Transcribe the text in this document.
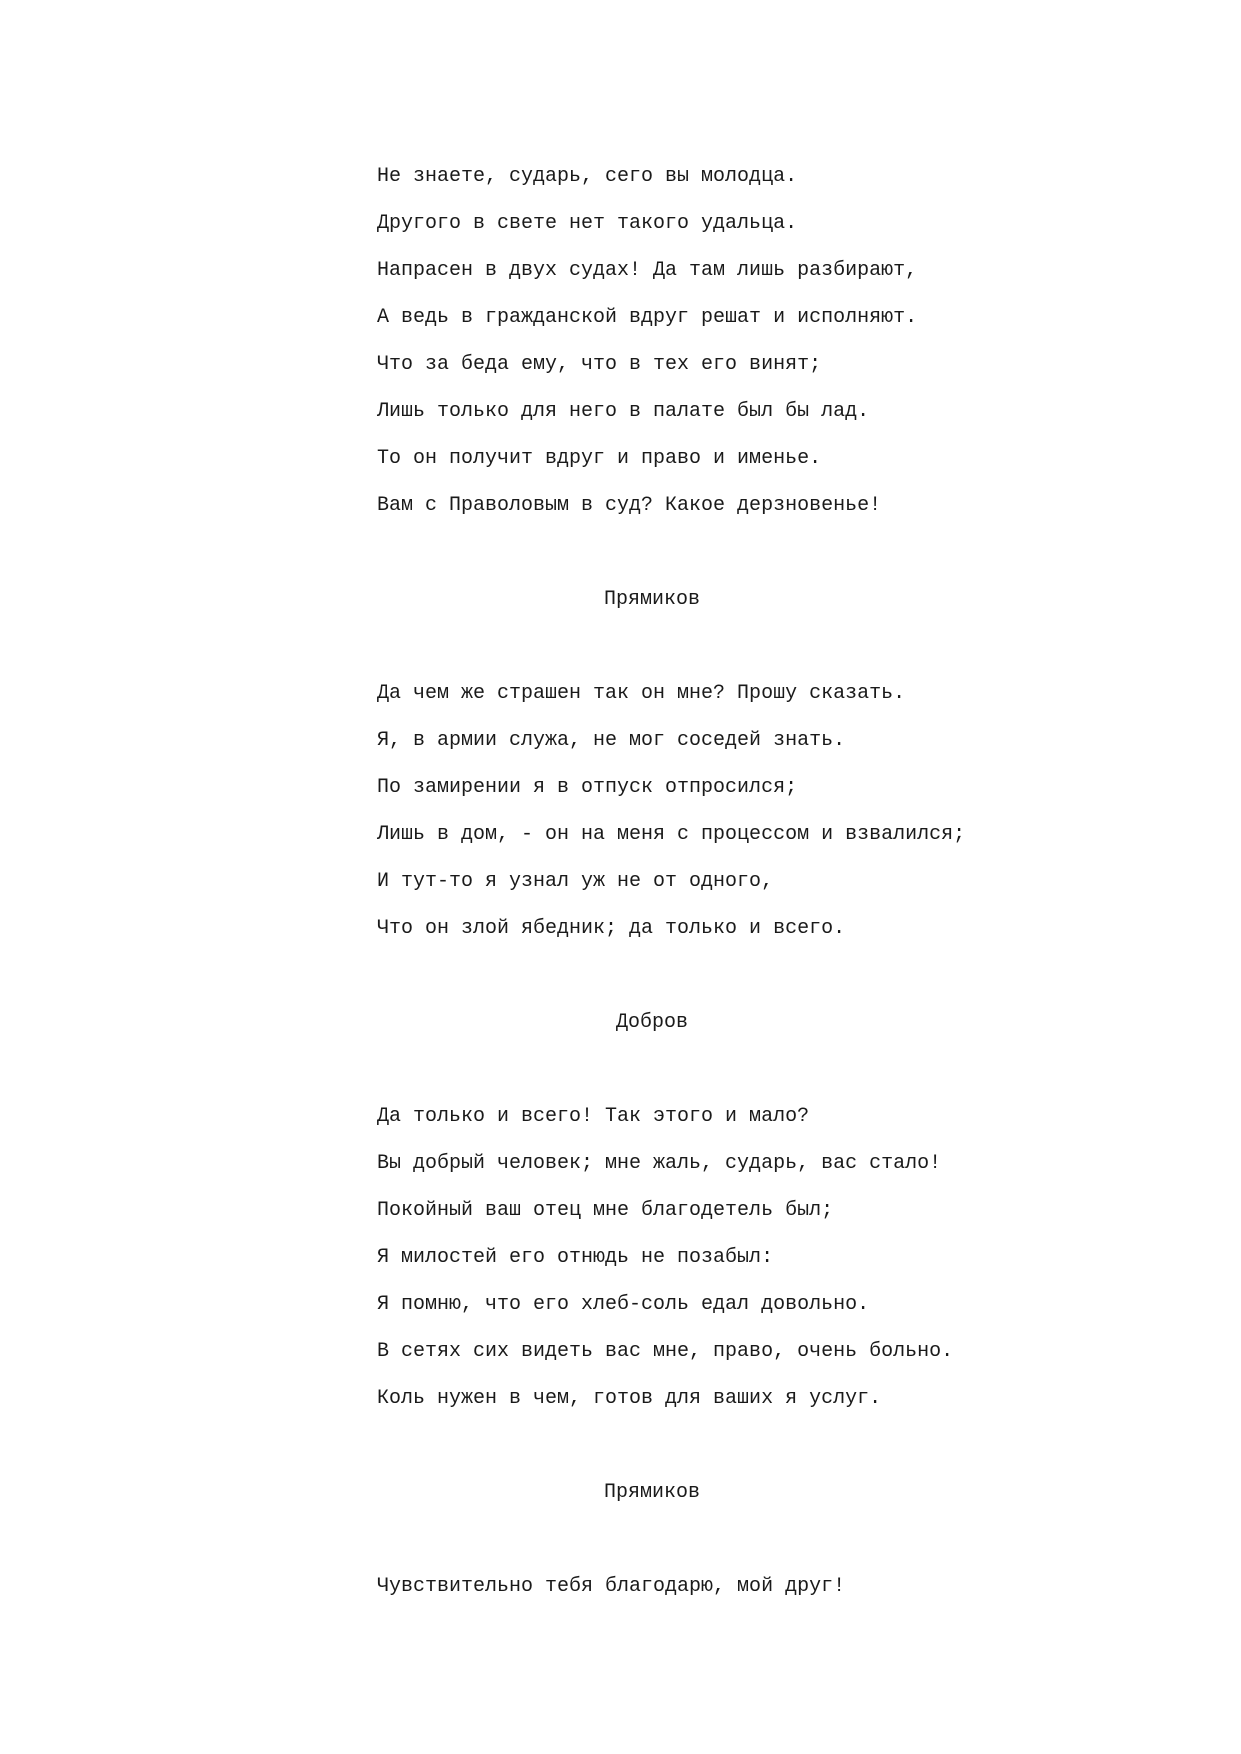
Не знаете, сударь, сего вы молодца.
Другого в свете нет такого удальца.
Напрасен в двух судах! Да там лишь разбирают,
А ведь в гражданской вдруг решат и исполняют.
Что за беда ему, что в тех его винят;
Лишь только для него в палате был бы лад.
То он получит вдруг и право и именье.
Вам с Праволовым в суд? Какое дерзновенье!
Прямиков
Да чем же страшен так он мне? Прошу сказать.
Я, в армии служа, не мог соседей знать.
По замирении я в отпуск отпросился;
Лишь в дом, - он на меня с процессом и взвалился;
И тут-то я узнал уж не от одного,
Что он злой ябедник; да только и всего.
Добров
Да только и всего! Так этого и мало?
Вы добрый человек; мне жаль, сударь, вас стало!
Покойный ваш отец мне благодетель был;
Я милостей его отнюдь не позабыл:
Я помню, что его хлеб-соль едал довольно.
В сетях сих видеть вас мне, право, очень больно.
Коль нужен в чем, готов для ваших я услуг.
Прямиков
Чувствительно тебя благодарю, мой друг!
